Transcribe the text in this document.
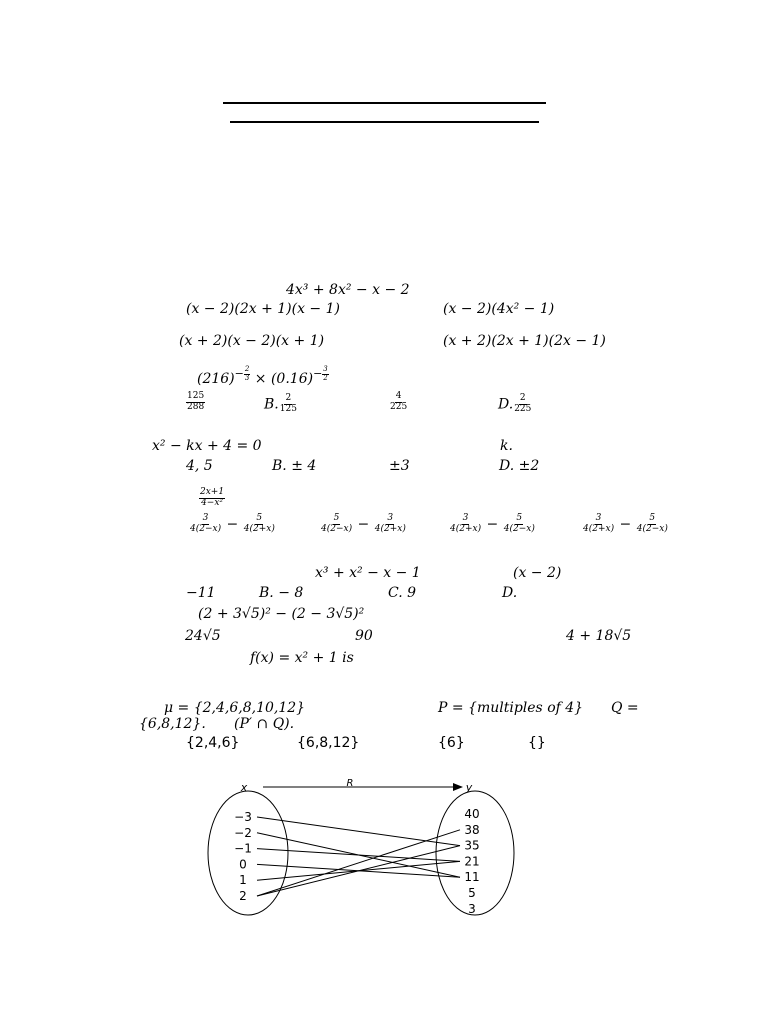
4x³ + 8x² − x − 2
(x − 2)(2x + 1)(x − 1)	(x − 2)(4x² − 1)
(x + 2)(x − 2)(x + 1)	(x + 2)(2x + 1)(2x − 1)
$(216)^{- \frac{2}{3}} \times (0.16)^{- \frac{3}{2}}$
$\frac{125}{288}$	B. $\frac{2}{125}$	$\frac{4}{225}$	D. $\frac{2}{225}$
x² − kx + 4 = 0	k.
4, 5	B. ± 4	±3	D. ±2
$\frac{2x+1}{\text{4−x²}}$
$\frac{3}{4(2-x)} - \frac{5}{4(2+x)}$	$\frac{5}{4(2-x)} - \frac{3}{4(2+x)}$	$\frac{3}{4(2+x)} - \frac{5}{4(2-x)}$	$\frac{3}{4(2+x)} - \frac{5}{4(2-x)}$
x³ + x² − x − 1	(x − 2)
−11	B. − 8	C. 9	D.
(2 + 3√5)² − (2 − 3√5)²
24√5	90	4 + 18√5
f(x) = x² + 1 is
μ = {2,4,6,8,10,12}	P = {multiples of 4} Q =
{6,8,12}. (P′ ∩ Q).
{2,4,6}	{6,8,12}	{6}	{}
x	y
R
−3
−2
−1
0
1
2
40
38
35
21
11
5
3
